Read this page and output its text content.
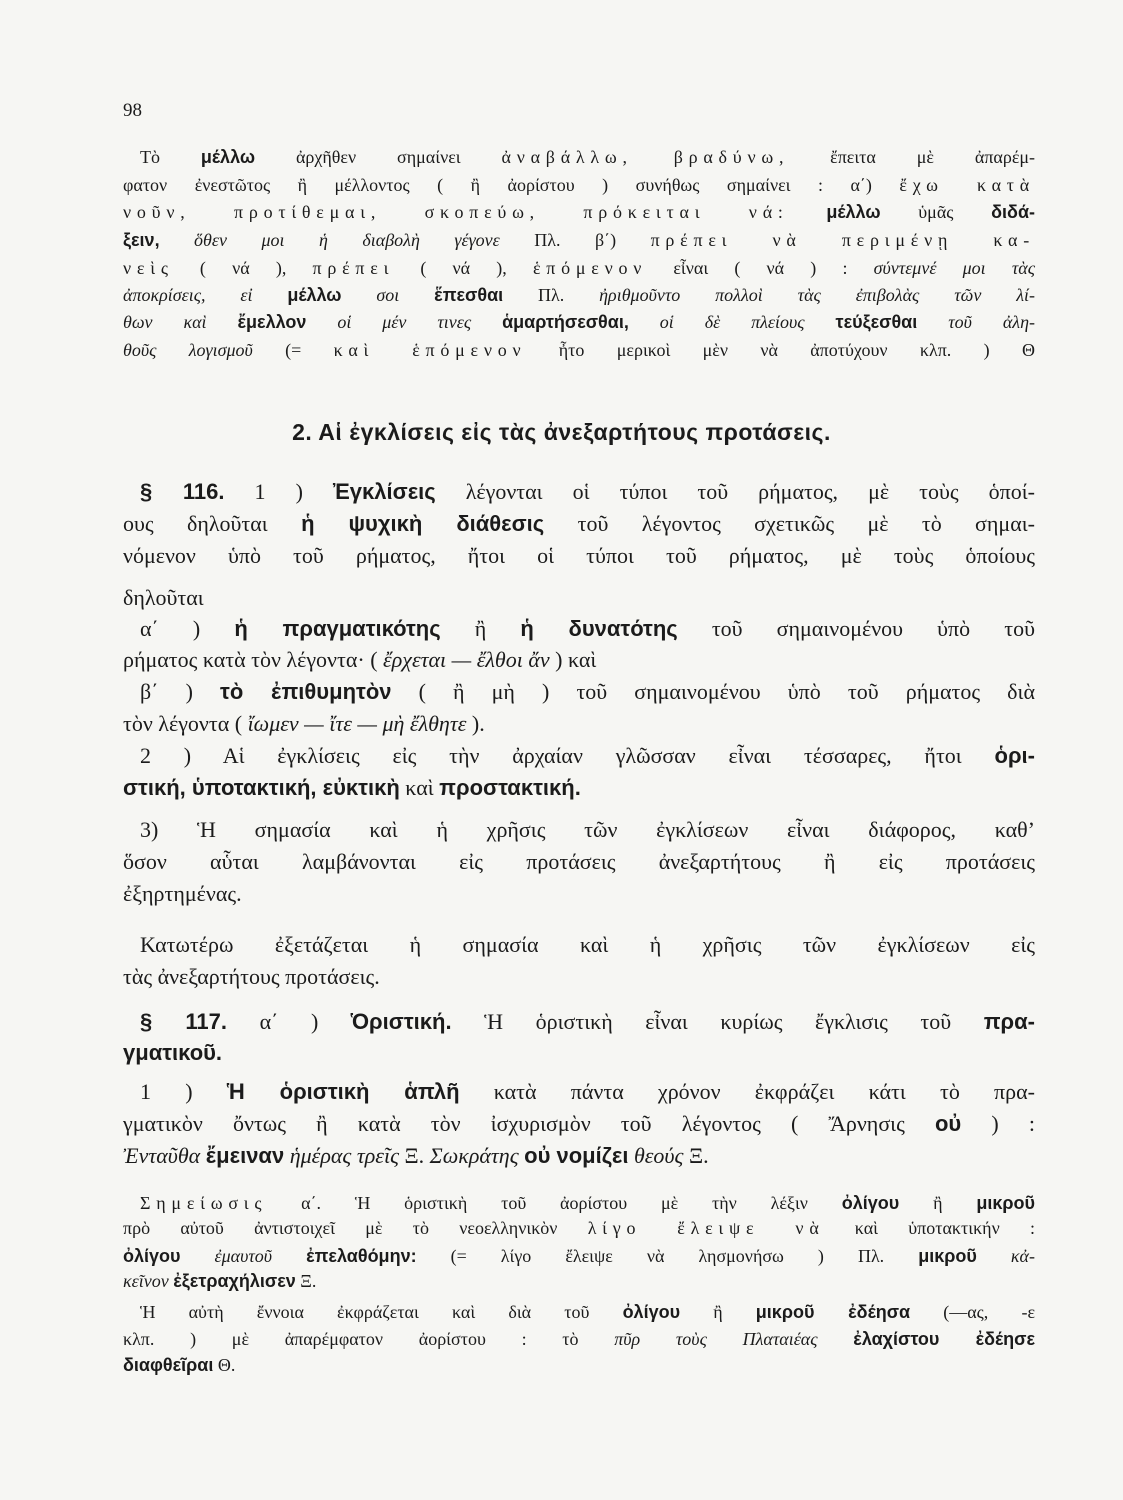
98
2. Αἱ ἐγκλίσεις εἰς τὰς ἀνεξαρτήτους προτάσεις.
Τὸ μέλλω ἀρχῆθεν σημαίνει ἀναβάλλω, βραδύνω, ἔπειτα μὲ ἀπαρέμ-
φατον ἐνεστῶτος ἢ μέλλοντος ( ἢ ἀορίστου ) συνήθως σημαίνει : α΄) ἔχω κατὰ
νοῦν, προτίθεμαι, σκοπεύω, πρόκειται νά: μέλλω ὑμᾶς διδά-
ξειν, ὅθεν μοι ἡ διαβολὴ γέγονε Πλ. β΄) πρέπει νὰ περιμένῃ κα-
νεὶς ( νά ), πρέπει ( νά ), ἑπόμενον εἶναι ( νά ) : σύντεμνέ μοι τὰς
ἀποκρίσεις, εἰ μέλλω σοι ἕπεσθαι Πλ. ἠριθμοῦντο πολλοὶ τὰς ἐπιβολὰς τῶν λί-
θων καὶ ἔμελλον οἱ μέν τινες ἁμαρτήσεσθαι, οἱ δὲ πλείους τεύξεσθαι τοῦ ἀλη-
θοῦς λογισμοῦ (= καὶ ἑπόμενον ἦτο μερικοὶ μὲν νὰ ἀποτύχουν κλπ. ) Θ
§ 116. 1 ) Ἐγκλίσεις λέγονται οἱ τύποι τοῦ ρήματος, μὲ τοὺς ὁποί-
ους δηλοῦται ἡ ψυχικὴ διάθεσις τοῦ λέγοντος σχετικῶς μὲ τὸ σημαι-
νόμενον ὑπὸ τοῦ ρήματος, ἤτοι οἱ τύποι τοῦ ρήματος, μὲ τοὺς ὁποίους
δηλοῦται
α΄ ) ἡ πραγματικότης ἢ ἡ δυνατότης τοῦ σημαινομένου ὑπὸ τοῦ
ρήματος κατὰ τὸν λέγοντα· ( ἔρχεται — ἔλθοι ἄν ) καὶ
β΄ ) τὸ ἐπιθυμητὸν ( ἢ μὴ ) τοῦ σημαινομένου ὑπὸ τοῦ ρήματος διὰ
τὸν λέγοντα ( ἴωμεν — ἴτε — μὴ ἔλθητε ).
2 ) Αἱ ἐγκλίσεις εἰς τὴν ἀρχαίαν γλῶσσαν εἶναι τέσσαρες, ἤτοι ὁρι-
στική, ὑποτακτική, εὐκτικὴ καὶ προστακτική.
3) Ἡ σημασία καὶ ἡ χρῆσις τῶν ἐγκλίσεων εἶναι διάφορος, καθ’
ὅσον αὗται λαμβάνονται εἰς προτάσεις ἀνεξαρτήτους ἢ εἰς προτάσεις
ἐξηρτημένας.
Κατωτέρω ἐξετάζεται ἡ σημασία καὶ ἡ χρῆσις τῶν ἐγκλίσεων εἰς
τὰς ἀνεξαρτήτους προτάσεις.
§ 117. α΄ ) Ὁριστική. Ἡ ὁριστικὴ εἶναι κυρίως ἔγκλισις τοῦ πρα-
γματικοῦ.
1 ) Ἡ ὁριστικὴ ἁπλῆ κατὰ πάντα χρόνον ἐκφράζει κάτι τὸ πρα-
γματικὸν ὄντως ἢ κατὰ τὸν ἰσχυρισμὸν τοῦ λέγοντος ( Ἄρνησις οὐ ) :
Ἐνταῦθα ἔμειναν ἡμέρας τρεῖς Ξ. Σωκράτης οὐ νομίζει θεούς Ξ.
Σημείωσις α΄. Ἡ ὁριστικὴ τοῦ ἀορίστου μὲ τὴν λέξιν ὀλίγου ἢ μικροῦ
πρὸ αὐτοῦ ἀντιστοιχεῖ μὲ τὸ νεοελληνικὸν λίγο ἔλειψε νὰ καὶ ὑποτακτικήν :
ὀλίγου ἐμαυτοῦ ἐπελαθόμην: (= λίγο ἔλειψε νὰ λησμονήσω ) Πλ. μικροῦ κἀ-
κεῖνον ἐξετραχήλισεν Ξ.
Ἡ αὐτὴ ἔννοια ἐκφράζεται καὶ διὰ τοῦ ὀλίγου ἢ μικροῦ ἐδέησα (—ας, -ε
κλπ. ) μὲ ἀπαρέμφατον ἀορίστου : τὸ πῦρ τοὺς Πλαταιέας ἐλαχίστου ἐδέησε
διαφθεῖραι Θ.
